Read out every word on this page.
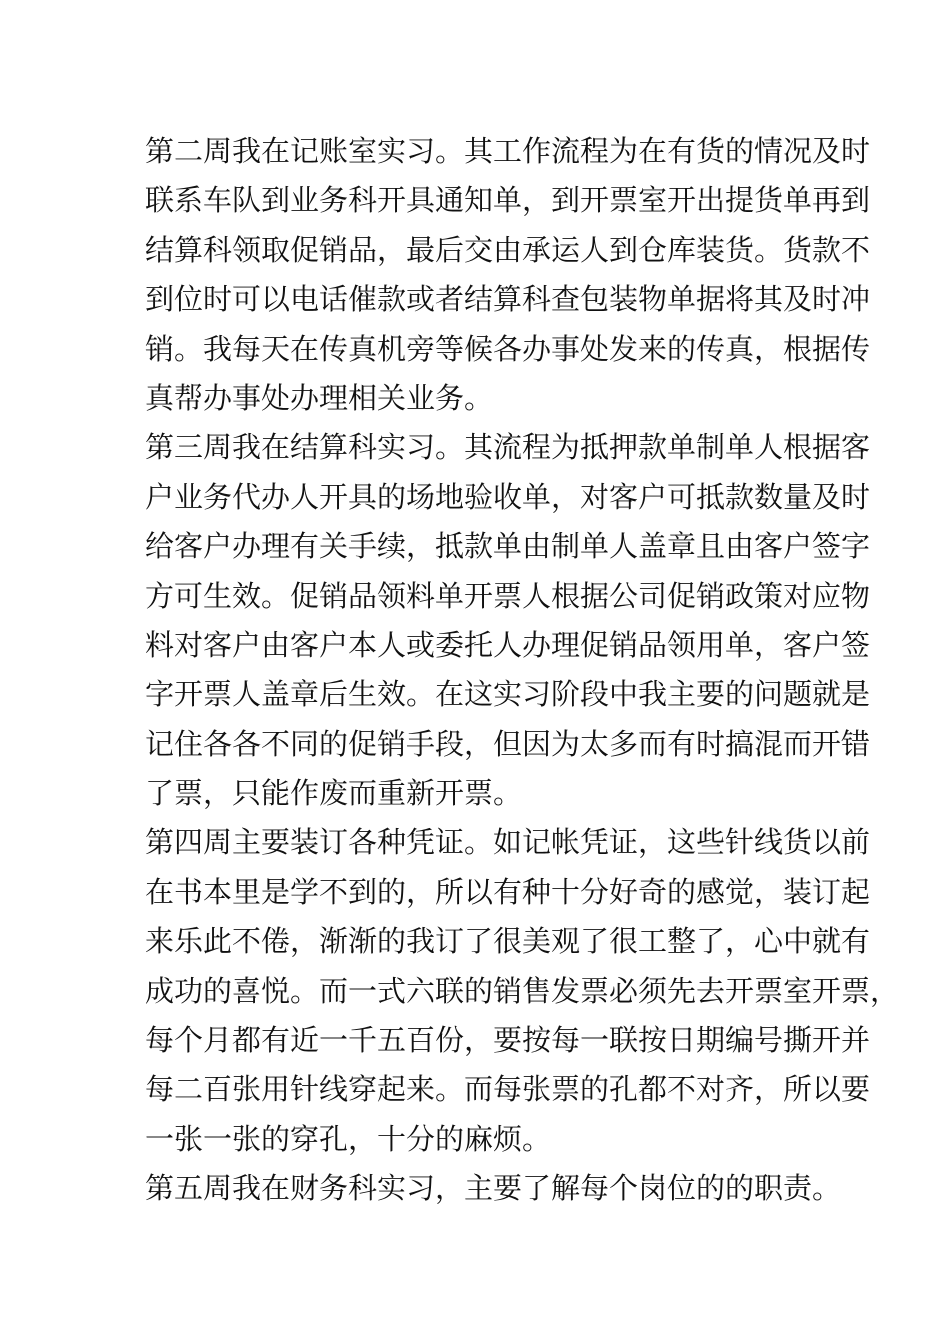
第二周我在记账室实习。其工作流程为在有货的情况及时
联系车队到业务科开具通知单，到开票室开出提货单再到
结算科领取促销品，最后交由承运人到仓库装货。货款不
到位时可以电话催款或者结算科查包装物单据将其及时冲
销。我每天在传真机旁等候各办事处发来的传真，根据传
真帮办事处办理相关业务。
第三周我在结算科实习。其流程为抵押款单制单人根据客
户业务代办人开具的场地验收单，对客户可抵款数量及时
给客户办理有关手续，抵款单由制单人盖章且由客户签字
方可生效。促销品领料单开票人根据公司促销政策对应物
料对客户由客户本人或委托人办理促销品领用单，客户签
字开票人盖章后生效。在这实习阶段中我主要的问题就是
记住各各不同的促销手段，但因为太多而有时搞混而开错
了票，只能作废而重新开票。
第四周主要装订各种凭证。如记帐凭证，这些针线货以前
在书本里是学不到的，所以有种十分好奇的感觉，装订起
来乐此不倦，渐渐的我订了很美观了很工整了，心中就有
成功的喜悦。而一式六联的销售发票必须先去开票室开票，
每个月都有近一千五百份，要按每一联按日期编号撕开并
每二百张用针线穿起来。而每张票的孔都不对齐，所以要
一张一张的穿孔，十分的麻烦。
第五周我在财务科实习，主要了解每个岗位的的职责。
